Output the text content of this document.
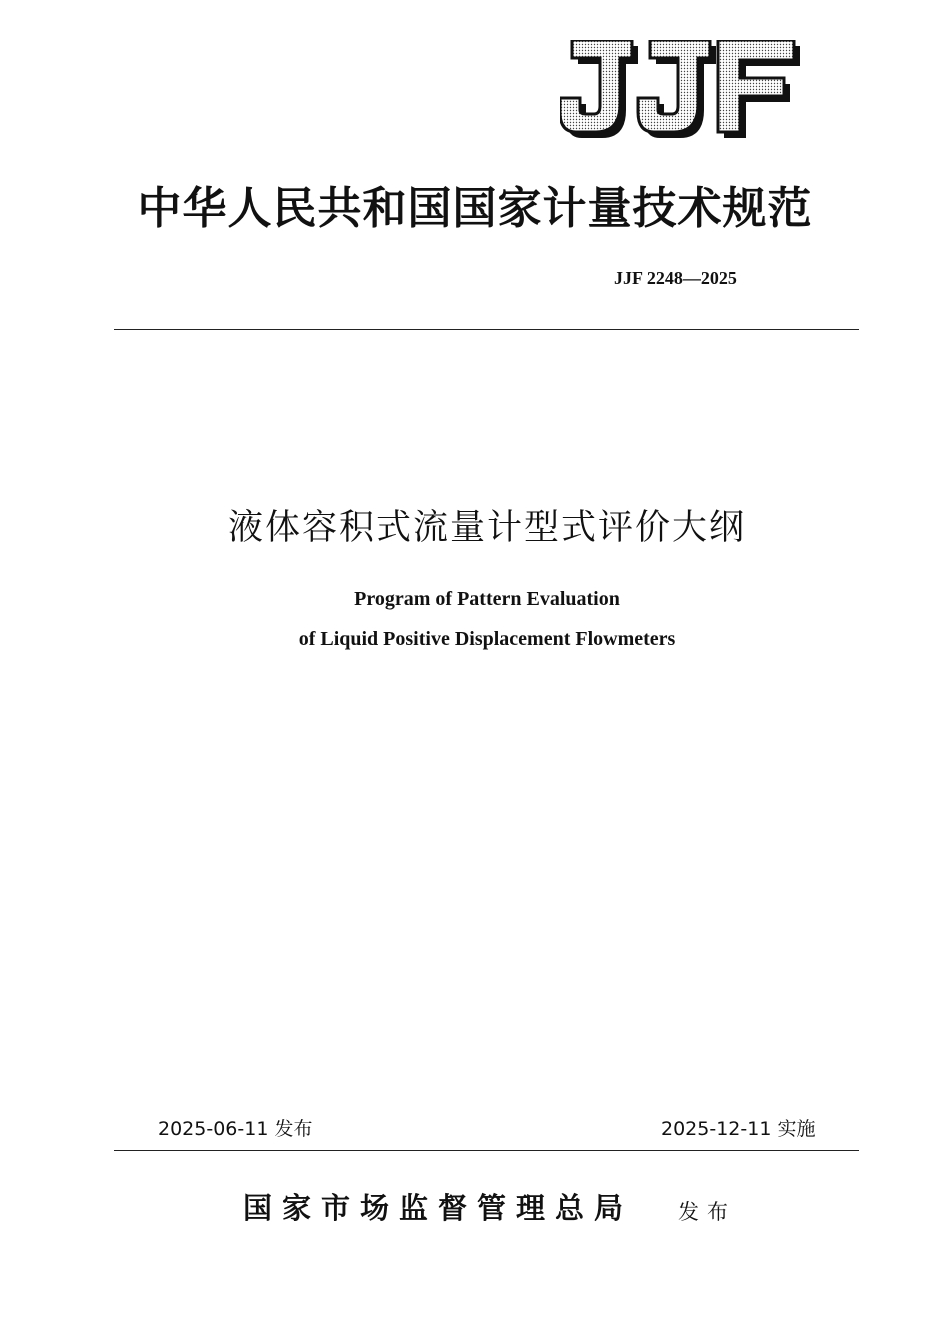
中华人民共和国国家计量技术规范
JJF 2248—2025
液体容积式流量计型式评价大纲
Program of Pattern Evaluation
of Liquid Positive Displacement Flowmeters
2025-06-11 发布	2025-12-11 实施
国家市场监督管理总局 发布
